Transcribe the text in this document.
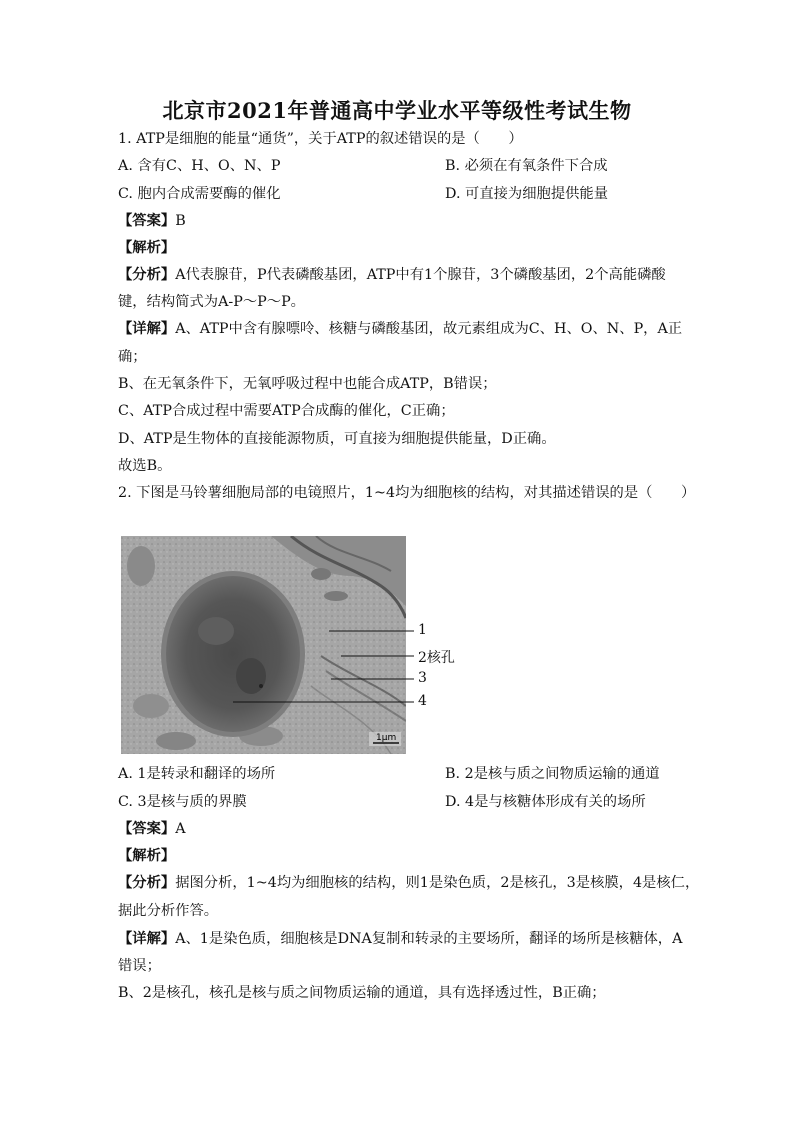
北京市2021年普通高中学业水平等级性考试生物
1. ATP是细胞的能量“通货”，关于ATP的叙述错误的是（　　）
A. 含有C、H、O、N、P	B. 必须在有氧条件下合成
C. 胞内合成需要酶的催化	D. 可直接为细胞提供能量
【答案】B
【解析】
【分析】A代表腺苷，P代表磷酸基团，ATP中有1个腺苷，3个磷酸基团，2个高能磷酸
键，结构简式为A-P～P～P。
【详解】A、ATP中含有腺嘌呤、核糖与磷酸基团，故元素组成为C、H、O、N、P，A正
确；
B、在无氧条件下，无氧呼吸过程中也能合成ATP，B错误；
C、ATP合成过程中需要ATP合成酶的催化，C正确；
D、ATP是生物体的直接能源物质，可直接为细胞提供能量，D正确。
故选B。
2. 下图是马铃薯细胞局部的电镜照片，1~4均为细胞核的结构，对其描述错误的是（　　）
1μm
1
2核孔
3
4
A. 1是转录和翻译的场所	B. 2是核与质之间物质运输的通道
C. 3是核与质的界膜	D. 4是与核糖体形成有关的场所
【答案】A
【解析】
【分析】据图分析，1~4均为细胞核的结构，则1是染色质，2是核孔，3是核膜，4是核仁，
据此分析作答。
【详解】A、1是染色质，细胞核是DNA复制和转录的主要场所，翻译的场所是核糖体，A
错误；
B、2是核孔，核孔是核与质之间物质运输的通道，具有选择透过性，B正确；
